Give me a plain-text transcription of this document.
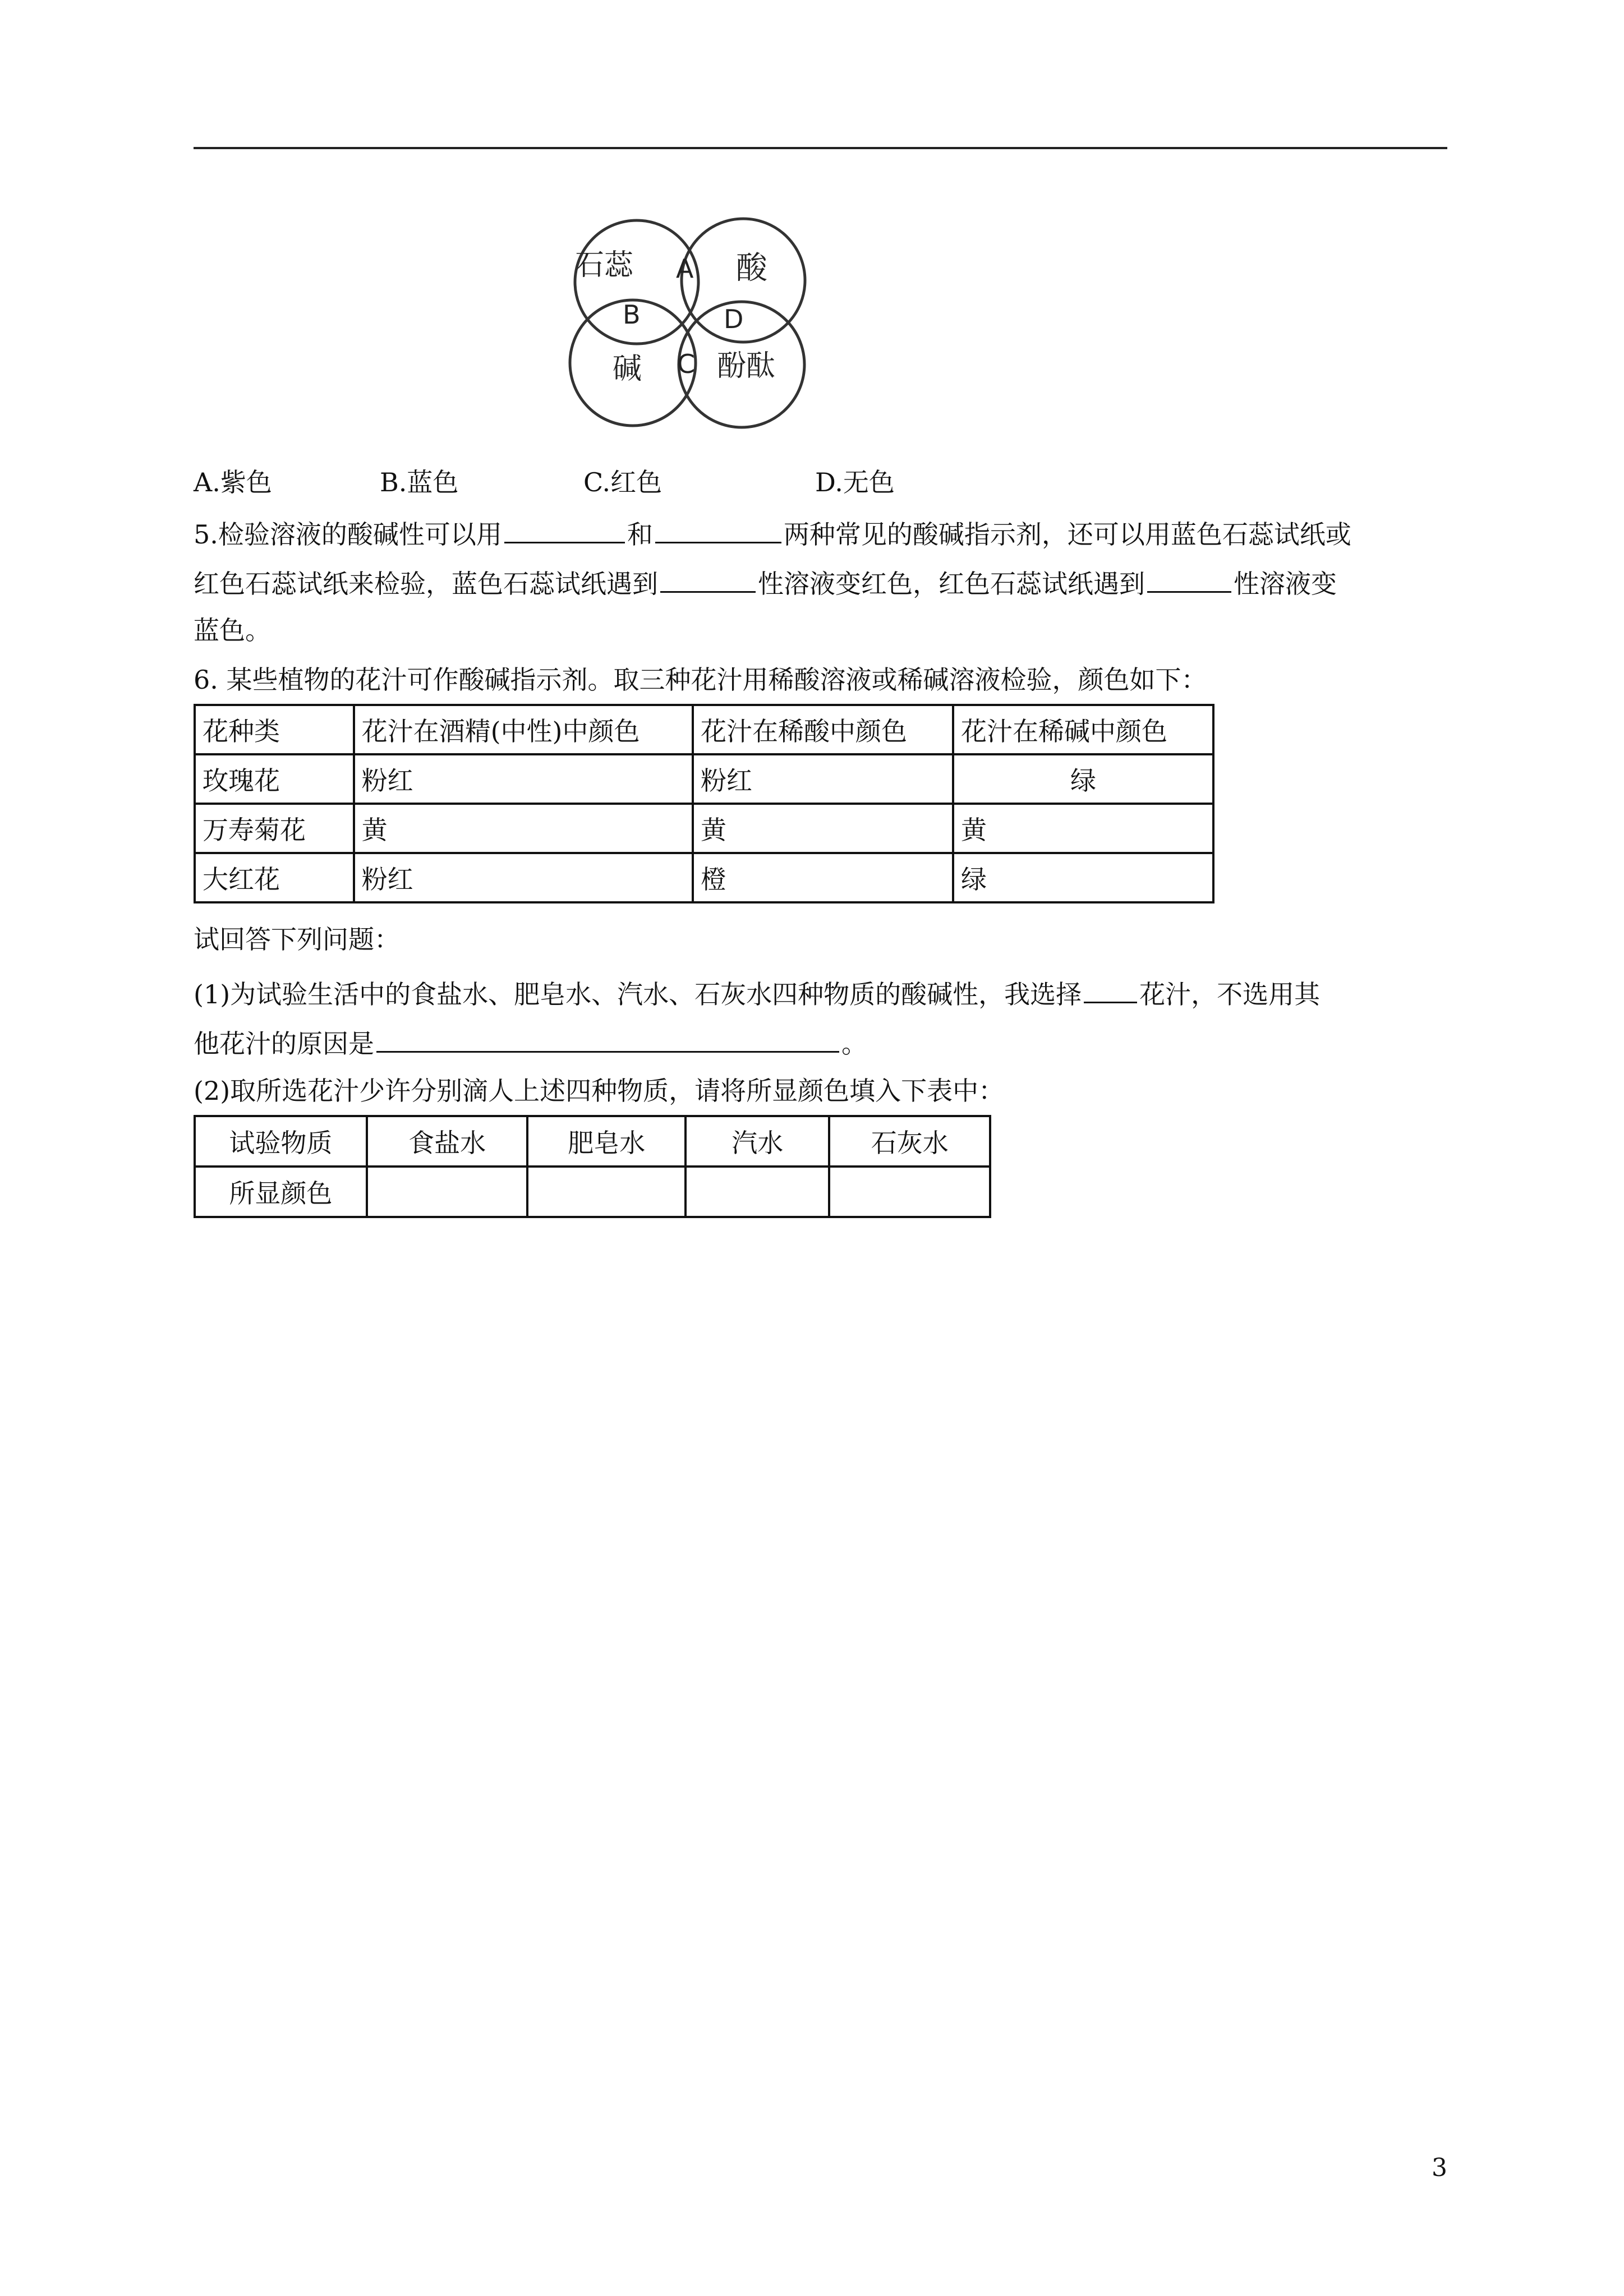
石蕊	酸
碱	酚酞
A
B
C
D
A.紫色	B.蓝色	C.红色	D.无色
5.检验溶液的酸碱性可以用	和	两种常见的酸碱指示剂，还可以用蓝色石蕊试纸或
红色石蕊试纸来检验，蓝色石蕊试纸遇到	性溶液变红色，红色石蕊试纸遇到	性溶液变
蓝色。
6. 某些植物的花汁可作酸碱指示剂。取三种花汁用稀酸溶液或稀碱溶液检验，颜色如下：
花种类	花汁在酒精(中性)中颜色	花汁在稀酸中颜色	花汁在稀碱中颜色
玫瑰花	粉红	粉红	绿
万寿菊花	黄	黄	黄
大红花	粉红	橙	绿
试回答下列问题：
(1)为试验生活中的食盐水、肥皂水、汽水、石灰水四种物质的酸碱性，我选择 花汁，不选用其
他花汁的原因是	。
(2)取所选花汁少许分别滴人上述四种物质，请将所显颜色填入下表中：
试验物质	食盐水	肥皂水	汽水	石灰水
所显颜色				
3
